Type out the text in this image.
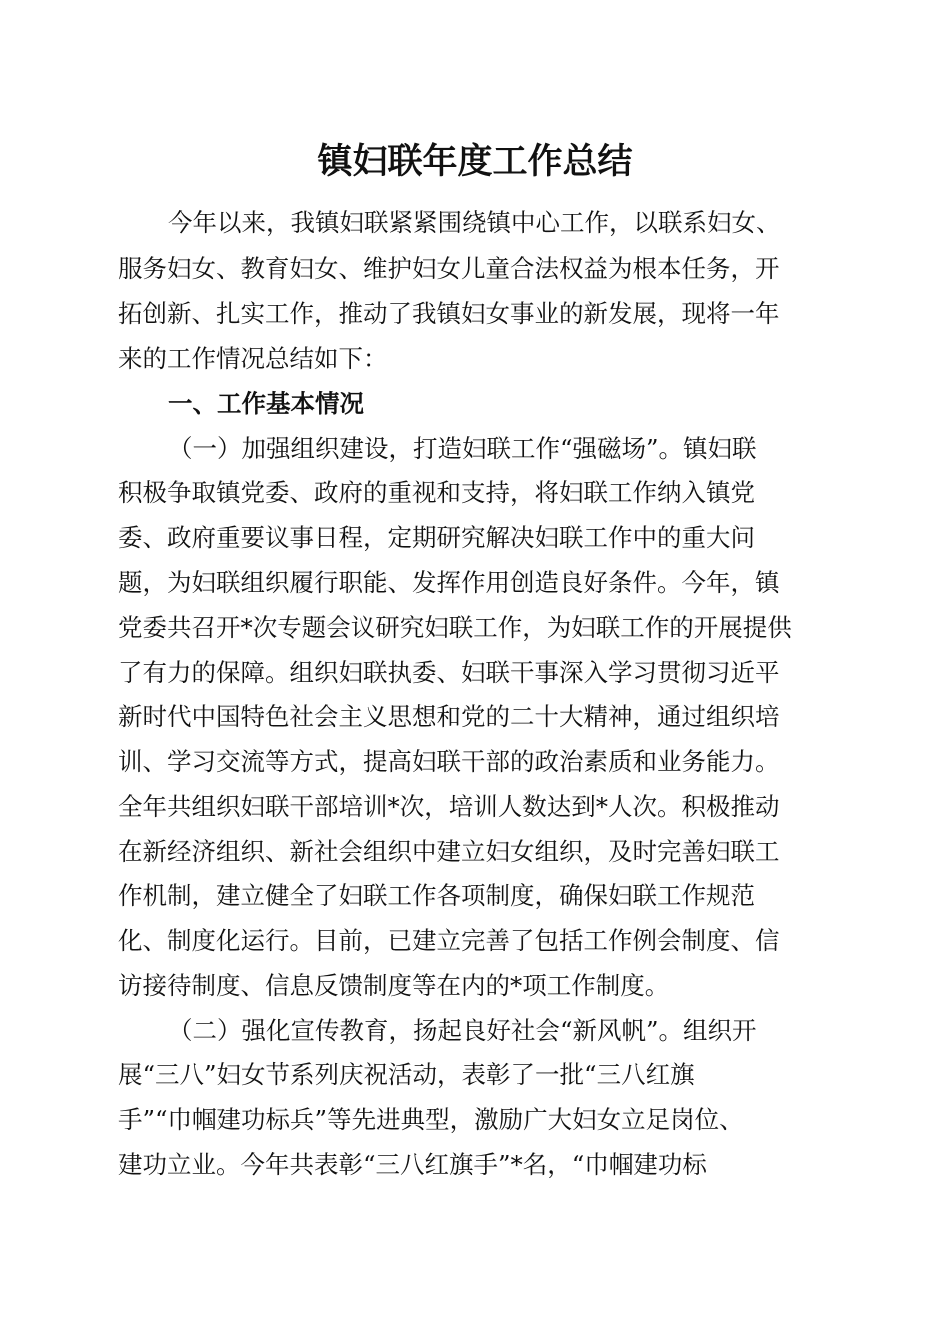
镇妇联年度工作总结

今年以来，我镇妇联紧紧围绕镇中心工作，以联系妇女、

服务妇女、教育妇女、维护妇女儿童合法权益为根本任务，开

拓创新、扎实工作，推动了我镇妇女事业的新发展，现将一年

来的工作情况总结如下：

一、工作基本情况

（一）加强组织建设，打造妇联工作“强磁场”。镇妇联

积极争取镇党委、政府的重视和支持，将妇联工作纳入镇党

委、政府重要议事日程，定期研究解决妇联工作中的重大问

题，为妇联组织履行职能、发挥作用创造良好条件。今年，镇

党委共召开*次专题会议研究妇联工作，为妇联工作的开展提供

了有力的保障。组织妇联执委、妇联干事深入学习贯彻习近平

新时代中国特色社会主义思想和党的二十大精神，通过组织培

训、学习交流等方式，提高妇联干部的政治素质和业务能力。

全年共组织妇联干部培训*次，培训人数达到*人次。积极推动

在新经济组织、新社会组织中建立妇女组织，及时完善妇联工

作机制，建立健全了妇联工作各项制度，确保妇联工作规范

化、制度化运行。目前，已建立完善了包括工作例会制度、信

访接待制度、信息反馈制度等在内的*项工作制度。

（二）强化宣传教育，扬起良好社会“新风帆”。组织开

展“三八”妇女节系列庆祝活动，表彰了一批“三八红旗

手”“巾帼建功标兵”等先进典型，激励广大妇女立足岗位、

建功立业。今年共表彰“三八红旗手”*名，“巾帼建功标
